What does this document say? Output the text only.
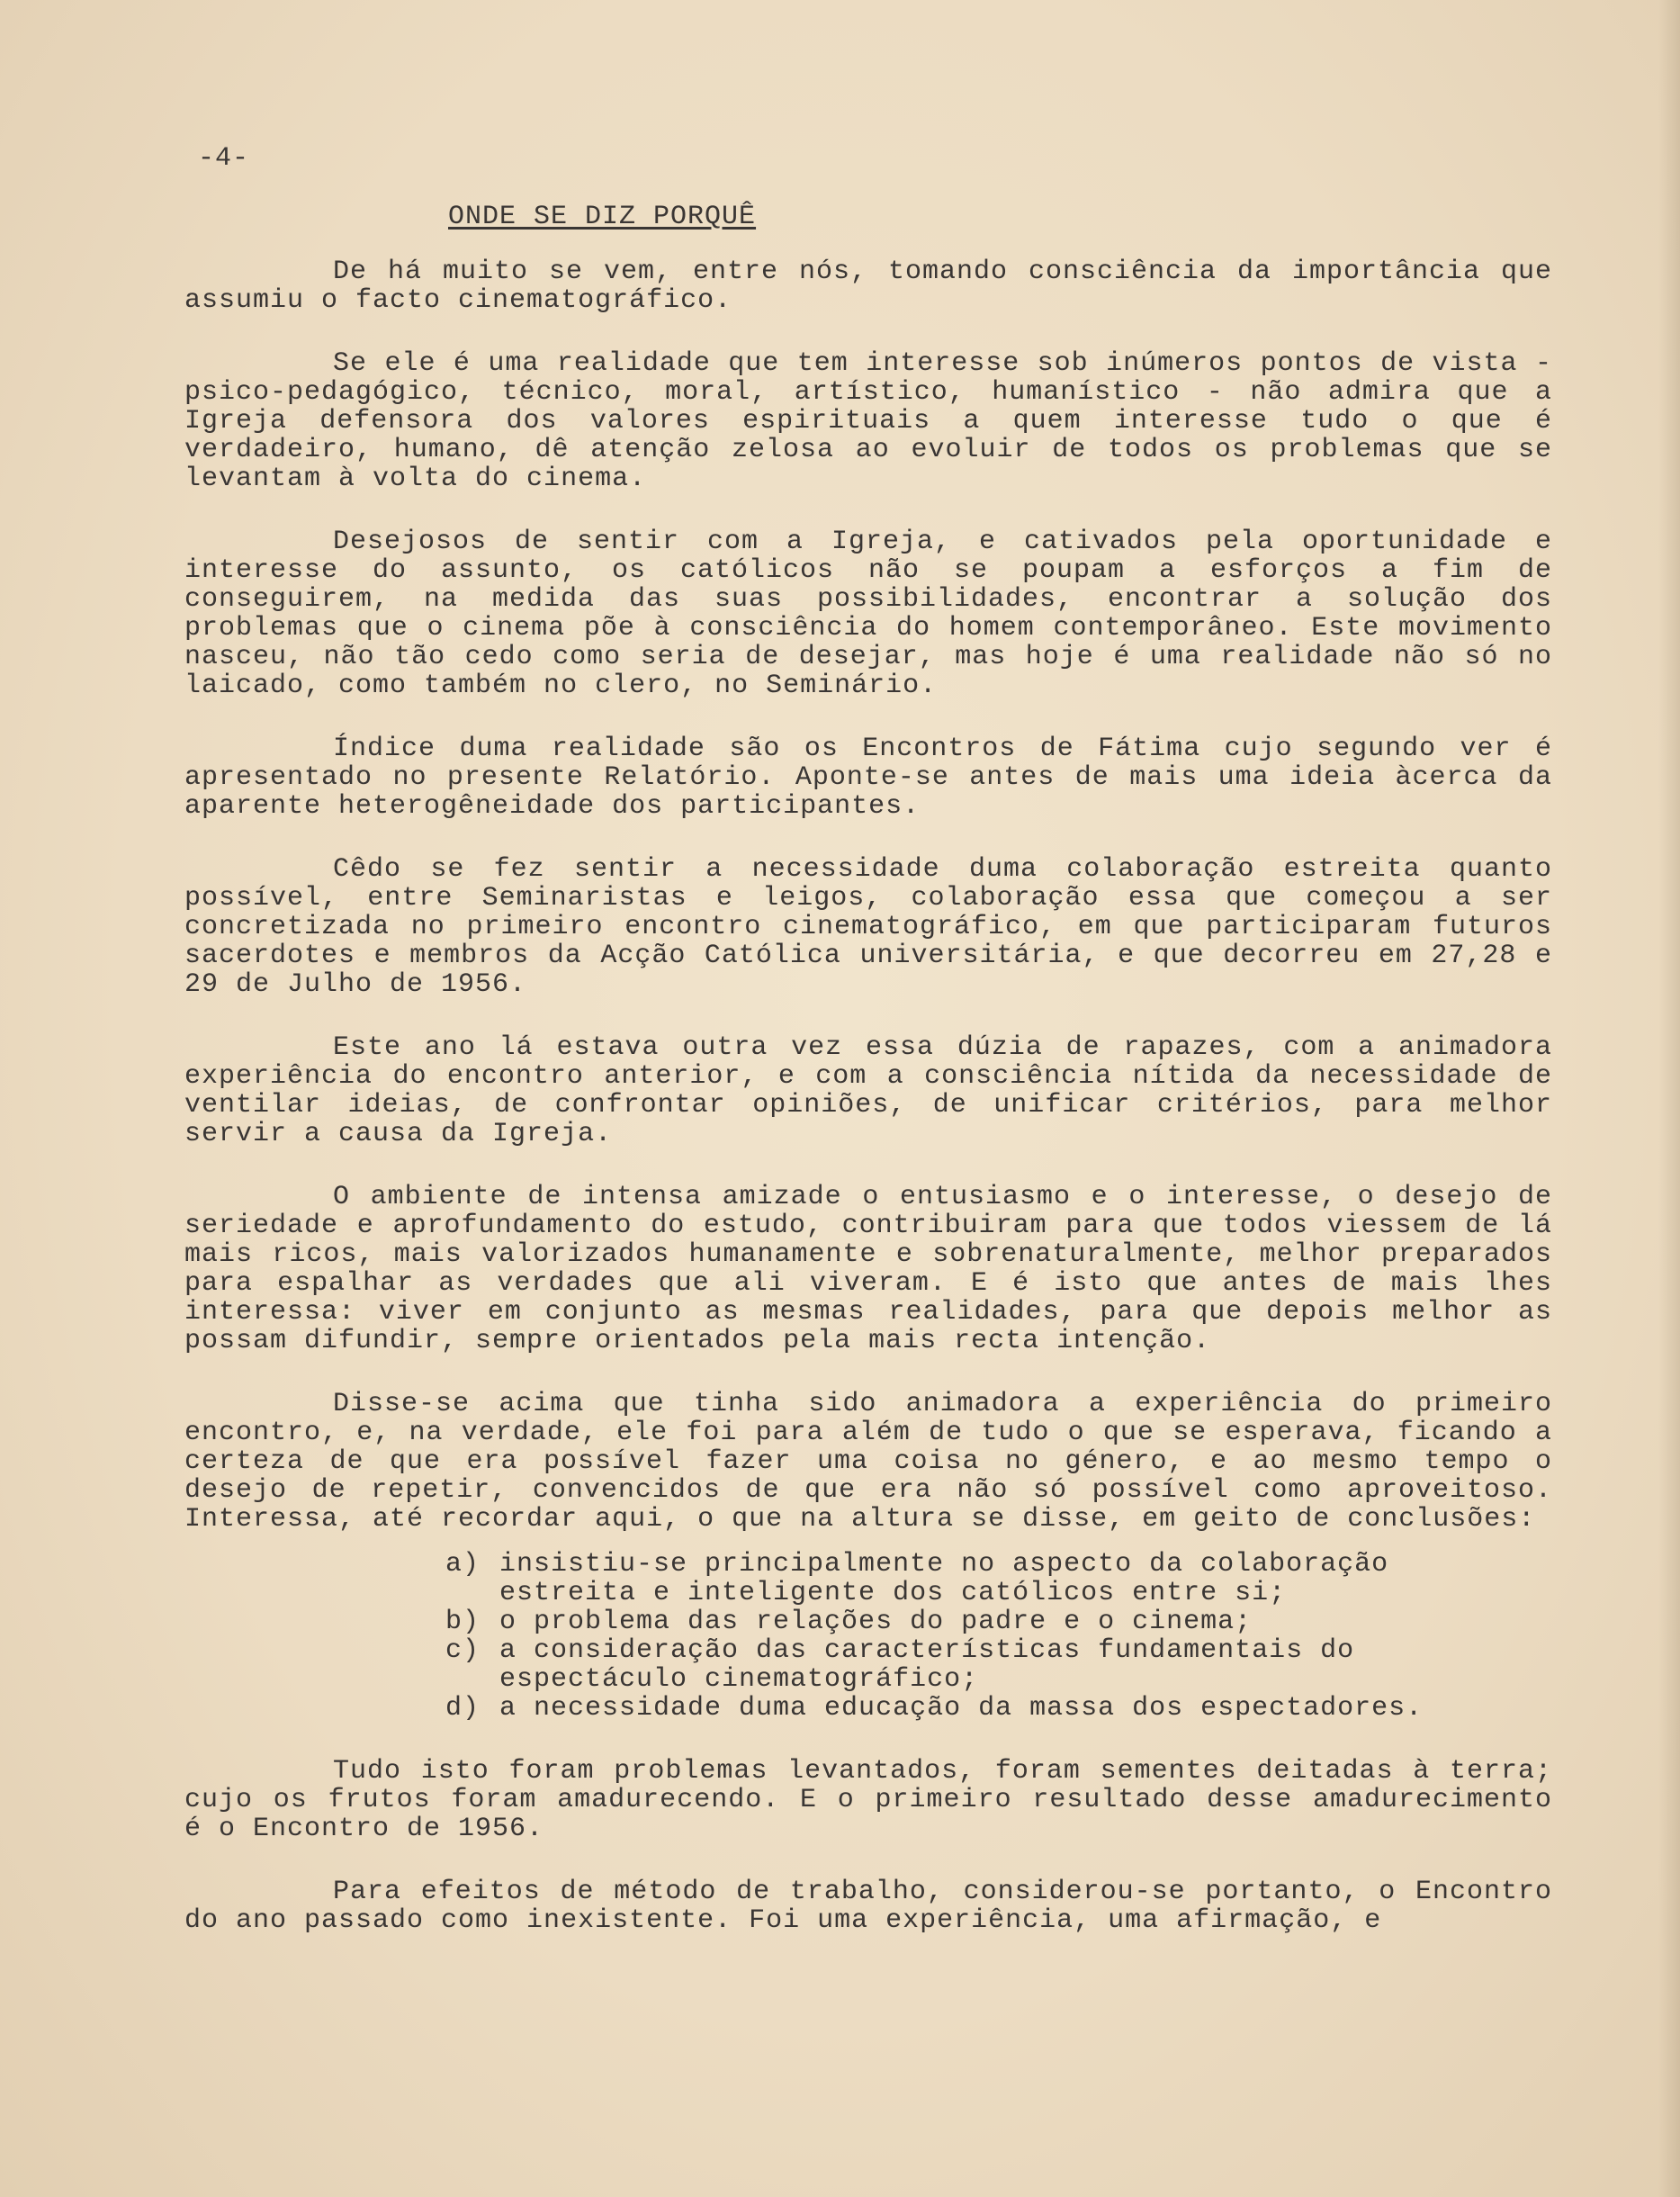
-4-

ONDE SE DIZ PORQUÊ

De há muito se vem, entre nós, tomando consciência da importância que assumiu o facto cinematográfico.

Se ele é uma realidade que tem interesse sob inúmeros pontos de vista - psico-pedagógico, técnico, moral, artístico, humanístico - não admira que a Igreja defensora dos valores espirituais a quem interesse tudo o que é verdadeiro, humano, dê atenção zelosa ao evoluir de todos os problemas que se levantam à volta do cinema.

Desejosos de sentir com a Igreja, e cativados pela oportunidade e interesse do assunto, os católicos não se poupam a esforços a fim de conseguirem, na medida das suas possibilidades, encontrar a solução dos problemas que o cinema põe à consciência do homem contemporâneo. Este movimento nasceu, não tão cedo como seria de desejar, mas hoje é uma realidade não só no laicado, como também no clero, no Seminário.

Índice duma realidade são os Encontros de Fátima cujo segundo ver é apresentado no presente Relatório. Aponte-se antes de mais uma ideia àcerca da aparente heterogêneidade dos participantes.

Cêdo se fez sentir a necessidade duma colaboração estreita quanto possível, entre Seminaristas e leigos, colaboração essa que começou a ser concretizada no primeiro encontro cinematográfico, em que participaram futuros sacerdotes e membros da Acção Católica universitária, e que decorreu em 27,28 e 29 de Julho de 1956.

Este ano lá estava outra vez essa dúzia de rapazes, com a animadora experiência do encontro anterior, e com a consciência nítida da necessidade de ventilar ideias, de confrontar opiniões, de unificar critérios, para melhor servir a causa da Igreja.

O ambiente de intensa amizade o entusiasmo e o interesse, o desejo de seriedade e aprofundamento do estudo, contribuiram para que todos viessem de lá mais ricos, mais valorizados humanamente e sobrenaturalmente, melhor preparados para espalhar as verdades que ali viveram. E é isto que antes de mais lhes interessa: viver em conjunto as mesmas realidades, para que depois melhor as possam difundir, sempre orientados pela mais recta intenção.

Disse-se acima que tinha sido animadora a experiência do primeiro encontro, e, na verdade, ele foi para além de tudo o que se esperava, ficando a certeza de que era possível fazer uma coisa no género, e ao mesmo tempo o desejo de repetir, convencidos de que era não só possível como aproveitoso. Interessa, até recordar aqui, o que na altura se disse, em geito de conclusões:

a) insistiu-se principalmente no aspecto da colaboração estreita e inteligente dos católicos entre si;
b) o problema das relações do padre e o cinema;
c) a consideração das características fundamentais do espectáculo cinematográfico;
d) a necessidade duma educação da massa dos espectadores.

Tudo isto foram problemas levantados, foram sementes deitadas à terra; cujo os frutos foram amadurecendo. E o primeiro resultado desse amadurecimento é o Encontro de 1956.

Para efeitos de método de trabalho, considerou-se portanto, o Encontro do ano passado como inexistente. Foi uma experiência, uma afirmação, e
